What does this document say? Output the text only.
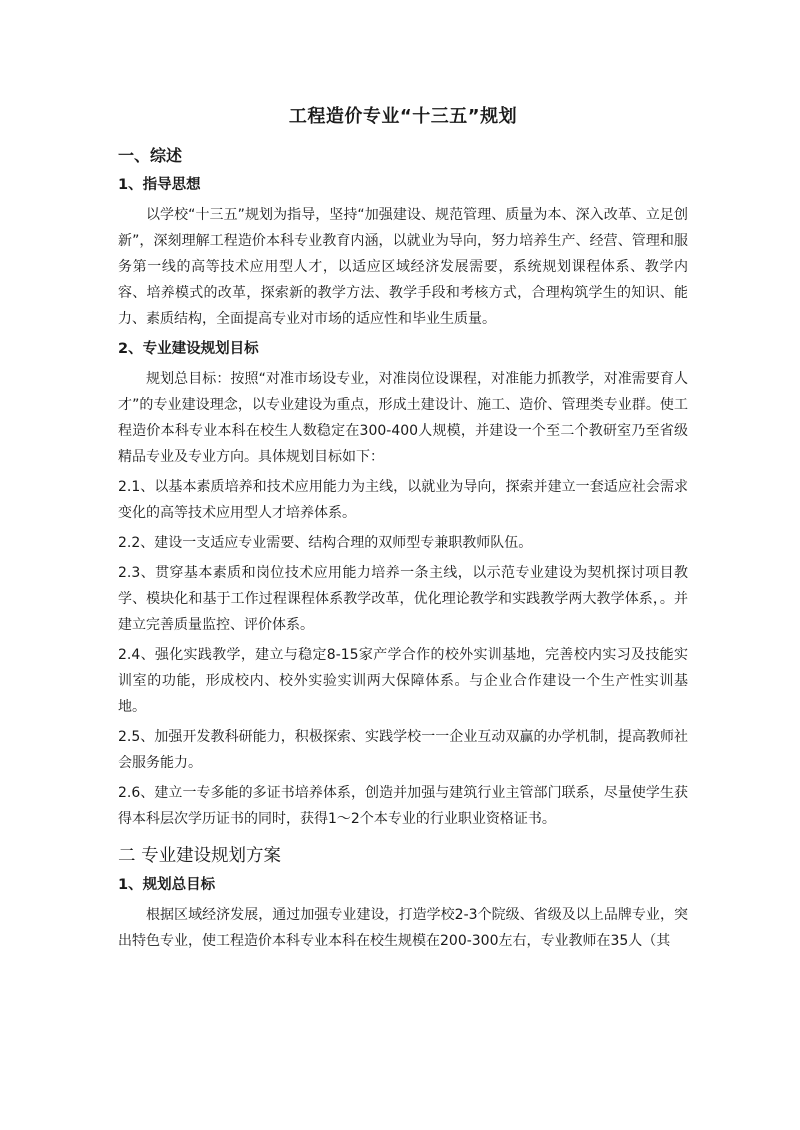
工程造价专业“十三五”规划
一、综述
1、指导思想

以学校“十三五”规划为指导，坚持“加强建设、规范管理、质量为本、深入改革、立足创新”，深刻理解工程造价本科专业教育内涵，以就业为导向，努力培养生产、经营、管理和服务第一线的高等技术应用型人才，以适应区域经济发展需要，系统规划课程体系、教学内容、培养模式的改革，探索新的教学方法、教学手段和考核方式，合理构筑学生的知识、能力、素质结构，全面提高专业对市场的适应性和毕业生质量。

2、专业建设规划目标

规划总目标：按照“对准市场设专业，对准岗位设课程，对准能力抓教学，对准需要育人才”的专业建设理念，以专业建设为重点，形成土建设计、施工、造价、管理类专业群。使工程造价本科专业本科在校生人数稳定在300-400人规模，并建设一个至二个教研室乃至省级精品专业及专业方向。具体规划目标如下：

2.1、以基本素质培养和技术应用能力为主线，以就业为导向，探索并建立一套适应社会需求变化的高等技术应用型人才培养体系。

2.2、建设一支适应专业需要、结构合理的双师型专兼职教师队伍。

2.3、贯穿基本素质和岗位技术应用能力培养一条主线，以示范专业建设为契机探讨项目教学、模块化和基于工作过程课程体系教学改革，优化理论教学和实践教学两大教学体系，。并建立完善质量监控、评价体系。

2.4、强化实践教学，建立与稳定8-15家产学合作的校外实训基地，完善校内实习及技能实训室的功能，形成校内、校外实验实训两大保障体系。与企业合作建设一个生产性实训基地。

2.5、加强开发教科研能力，积极探索、实践学校一一企业互动双赢的办学机制，提高教师社会服务能力。

2.6、建立一专多能的多证书培养体系，创造并加强与建筑行业主管部门联系，尽量使学生获得本科层次学历证书的同时，获得1～2个本专业的行业职业资格证书。

二 专业建设规划方案
1、规划总目标

根据区域经济发展，通过加强专业建设，打造学校2-3个院级、省级及以上品牌专业，突出特色专业，使工程造价本科专业本科在校生规模在200-300左右，专业教师在35人（其
